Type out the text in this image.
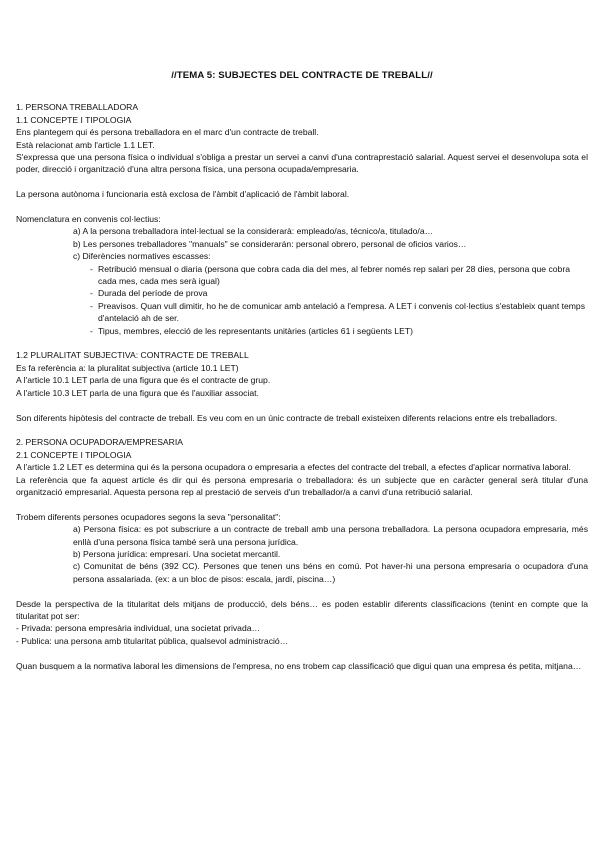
//TEMA 5: SUBJECTES DEL CONTRACTE DE TREBALL//

1. PERSONA TREBALLADORA

1.1 CONCEPTE I TIPOLOGIA

Ens plantegem qui és persona treballadora en el marc d'un contracte de treball.

Està relacionat amb l'article 1.1 LET.

S'expressa que una persona física o individual s'obliga a prestar un servei a canvi d'una contraprestació salarial. Aquest servei el desenvolupa sota el poder, direcció i organització d'una altra persona física, una persona ocupada/empresaria.

La persona autònoma i funcionaria està exclosa de l'àmbit d'aplicació de l'àmbit laboral.

Nomenclatura en convenis col·lectius:

a) A la persona treballadora intel·lectual se la considerarà: empleado/as, técnico/a, titulado/a…

b) Les persones treballadores "manuals" se considerarán: personal obrero, personal de oficios varios…

c) Diferències normatives escasses:

- Retribució mensual o diaria (persona que cobra cada dia del mes, al febrer només rep salari per 28 dies, persona que cobra cada mes, cada mes serà igual)
- Durada del període de prova
- Preavisos. Quan vull dimitir, ho he de comunicar amb antelació a l'empresa. A LET i convenis col·lectius s'estableix quant temps d'antelació ah de ser.
- Tipus, membres, elecció de les representants unitàries (articles 61 i següents LET)

1.2 PLURALITAT SUBJECTIVA: CONTRACTE DE TREBALL

Es fa referència a: la pluralitat subjectiva (article 10.1 LET)

A l'article 10.1 LET parla de una figura que és el contracte de grup.

A l'article 10.3 LET parla de una figura que és l'auxiliar associat.

Son diferents hipòtesis del contracte de treball. Es veu com en un únic contracte de treball existeixen diferents relacions entre els treballadors.

2. PERSONA OCUPADORA/EMPRESARIA

2.1 CONCEPTE I TIPOLOGIA

A l'article 1.2 LET es determina qui és la persona ocupadora o empresaria a efectes del contracte del treball, a efectes d'aplicar normativa laboral.

La referència que fa aquest article és dir qui és persona empresaria o treballadora: és un subjecte que en caràcter general serà titular d'una organització empresarial. Aquesta persona rep al prestació de serveis d'un treballador/a a canvi d'una retribució salarial.

Trobem diferents persones ocupadores segons la seva "personalitat":

a) Persona física: es pot subscriure a un contracte de treball amb una persona treballadora. La persona ocupadora empresaria, més enllà d'una persona física també serà una persona jurídica.

b) Persona jurídica: empresari. Una societat mercantil.

c) Comunitat de béns (392 CC). Persones que tenen uns béns en comú. Pot haver-hi una persona empresaria o ocupadora d'una persona assalariada. (ex: a un bloc de pisos: escala, jardí, piscina…)

Desde la perspectiva de la titularitat dels mitjans de producció, dels béns… es poden establir diferents classificacions (tenint en compte que la titularitat pot ser:

- Privada: persona empresària individual, una societat privada…

- Publica: una persona amb titularitat pública, qualsevol administració…

Quan busquem a la normativa laboral les dimensions de l'empresa, no ens trobem cap classificació que digui quan una empresa és petita, mitjana…
